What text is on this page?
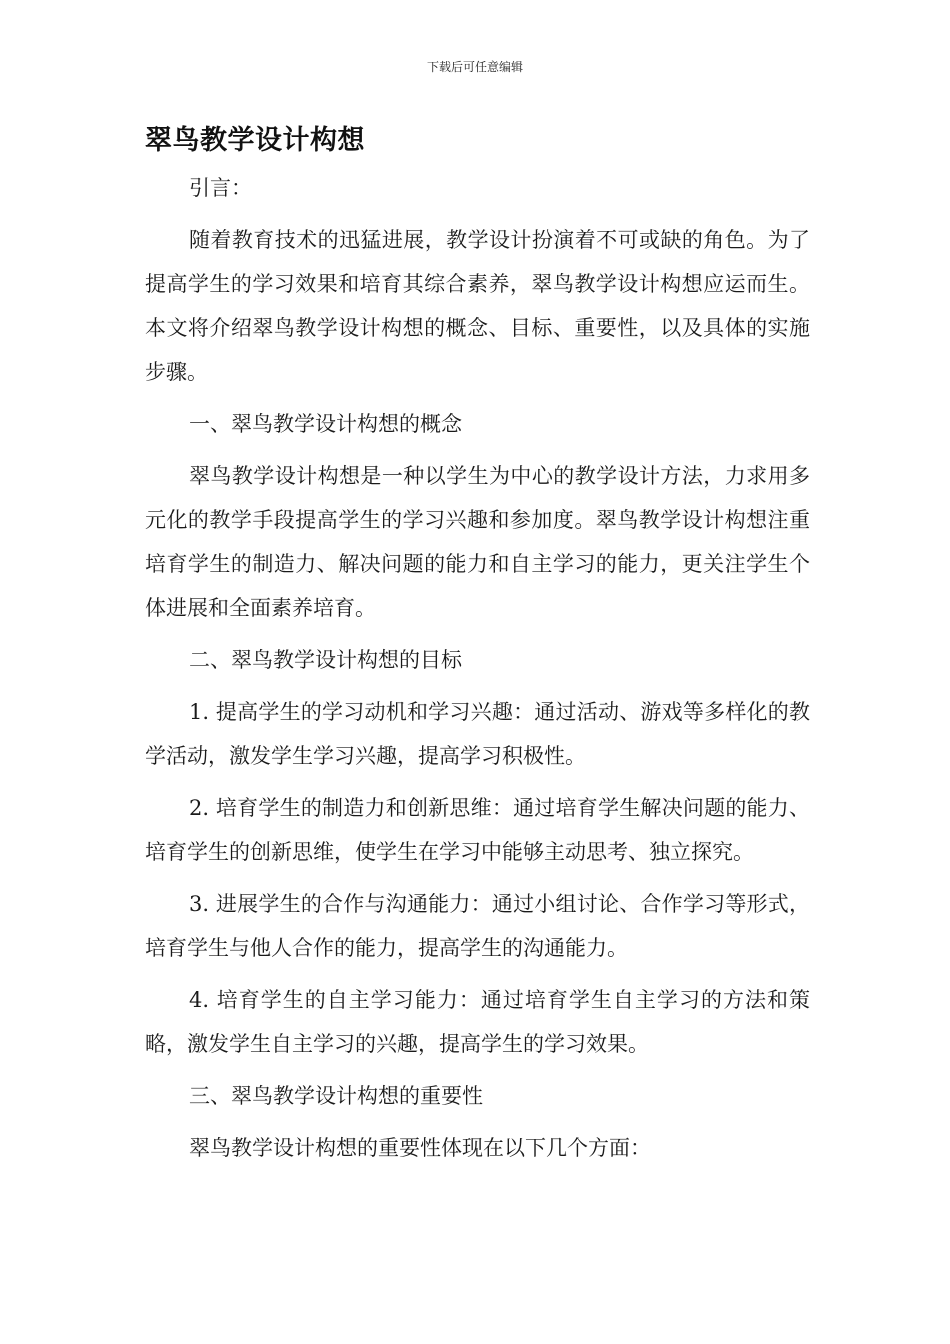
下载后可任意编辑
翠鸟教学设计构想

引言：

随着教育技术的迅猛进展，教学设计扮演着不可或缺的角色。为了提高学生的学习效果和培育其综合素养，翠鸟教学设计构想应运而生。本文将介绍翠鸟教学设计构想的概念、目标、重要性，以及具体的实施步骤。

一、翠鸟教学设计构想的概念

翠鸟教学设计构想是一种以学生为中心的教学设计方法，力求用多元化的教学手段提高学生的学习兴趣和参加度。翠鸟教学设计构想注重培育学生的制造力、解决问题的能力和自主学习的能力，更关注学生个体进展和全面素养培育。

二、翠鸟教学设计构想的目标

1. 提高学生的学习动机和学习兴趣：通过活动、游戏等多样化的教学活动，激发学生学习兴趣，提高学习积极性。

2. 培育学生的制造力和创新思维：通过培育学生解决问题的能力、培育学生的创新思维，使学生在学习中能够主动思考、独立探究。

3. 进展学生的合作与沟通能力：通过小组讨论、合作学习等形式，培育学生与他人合作的能力，提高学生的沟通能力。

4. 培育学生的自主学习能力：通过培育学生自主学习的方法和策略，激发学生自主学习的兴趣，提高学生的学习效果。

三、翠鸟教学设计构想的重要性

翠鸟教学设计构想的重要性体现在以下几个方面：
